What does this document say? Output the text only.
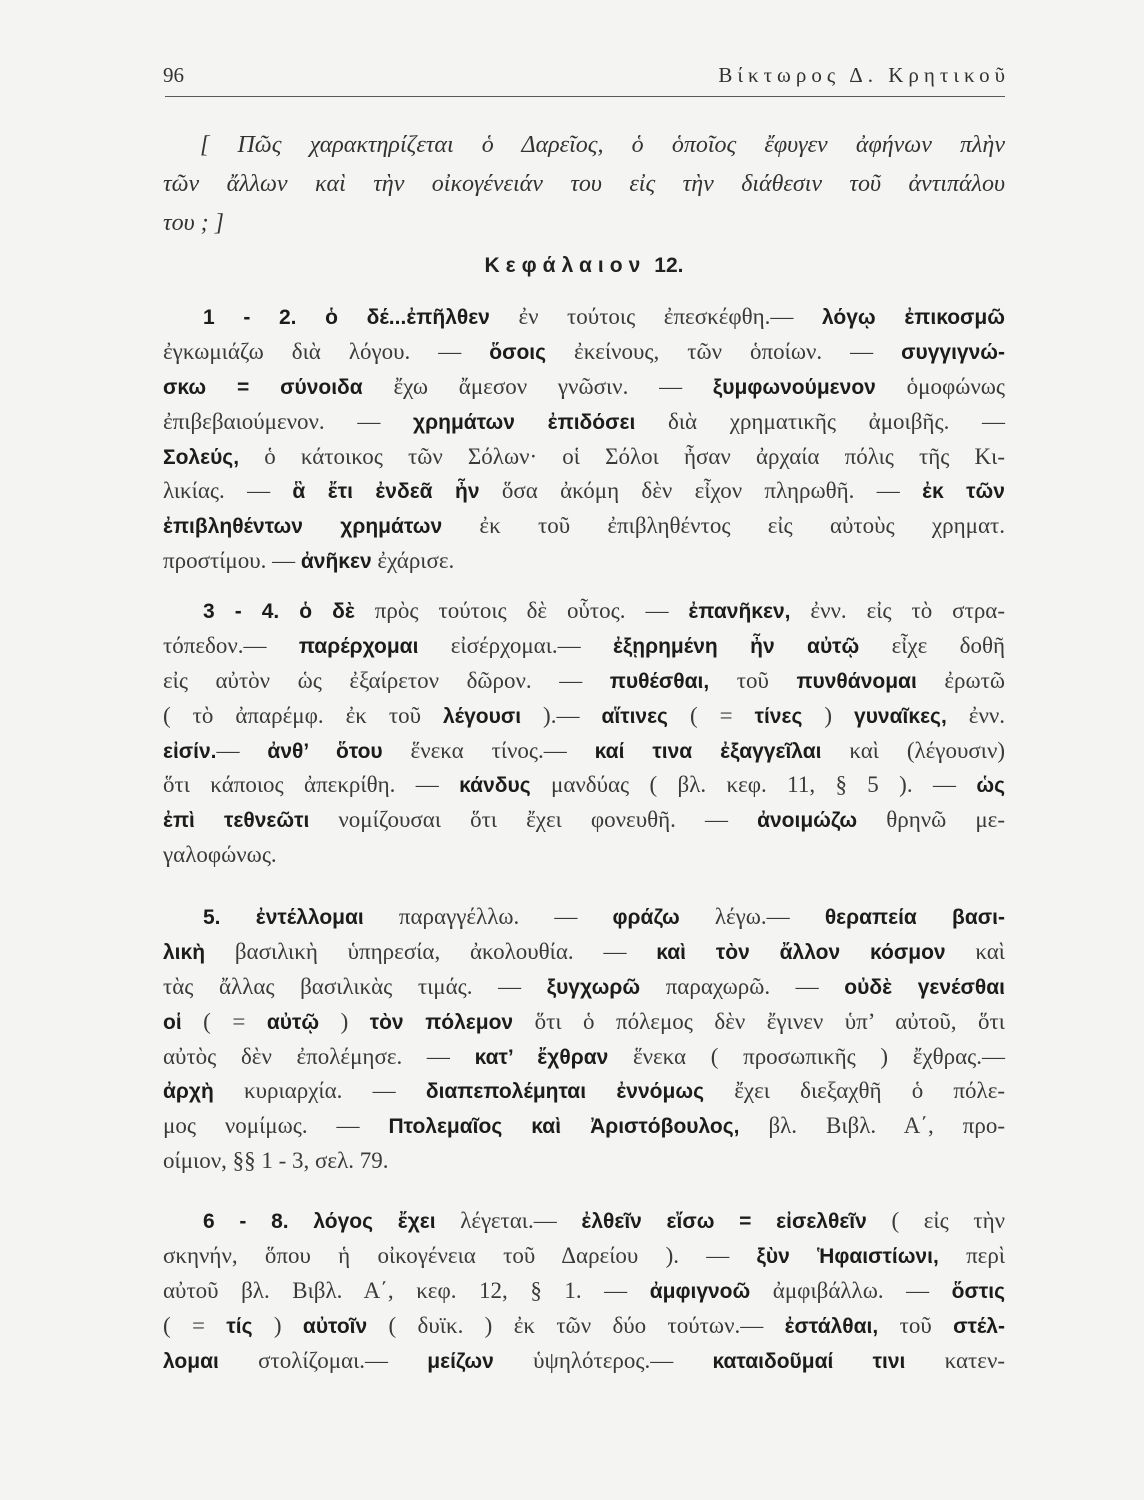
96	Βίκτωρος Δ. Κρητικοῦ
[ Πῶς χαρακτηρίζεται ὁ Δαρεῖος, ὁ ὁποῖος ἔφυγεν ἀφήνων πλὴν
τῶν ἄλλων καὶ τὴν οἰκογένειάν του εἰς τὴν διάθεσιν τοῦ ἀντιπάλου
του ; ]
Κεφάλαιον 12.
1 - 2. ὁ δέ...ἐπῆλθεν ἐν τούτοις ἐπεσκέφθη.— λόγῳ ἐπικοσμῶ
ἐγκωμιάζω διὰ λόγου. — ὅσοις ἐκείνους, τῶν ὁποίων. — συγγιγνώ-
σκω = σύνοιδα ἔχω ἄμεσον γνῶσιν. — ξυμφωνούμενον ὁμοφώνως
ἐπιβεβαιούμενον. — χρημάτων ἐπιδόσει διὰ χρηματικῆς ἀμοιβῆς. —
Σολεύς, ὁ κάτοικος τῶν Σόλων· οἱ Σόλοι ἦσαν ἀρχαία πόλις τῆς Κι-
λικίας. — ἃ ἔτι ἐνδεᾶ ἦν ὅσα ἀκόμη δὲν εἶχον πληρωθῆ. — ἐκ τῶν
ἐπιβληθέντων χρημάτων ἐκ τοῦ ἐπιβληθέντος εἰς αὐτοὺς χρηματ.
προστίμου. — ἀνῆκεν ἐχάρισε.
3 - 4. ὁ δὲ πρὸς τούτοις δὲ οὗτος. — ἐπανῆκεν, ἐνν. εἰς τὸ στρα-
τόπεδον.— παρέρχομαι εἰσέρχομαι.— ἐξῃρημένη ἦν αὐτῷ εἶχε δοθῆ
εἰς αὐτὸν ὡς ἐξαίρετον δῶρον. — πυθέσθαι, τοῦ πυνθάνομαι ἐρωτῶ
( τὸ ἀπαρέμφ. ἐκ τοῦ λέγουσι ).— αἵτινες ( = τίνες ) γυναῖκες, ἐνν.
εἰσίν.— ἀνθ’ ὅτου ἕνεκα τίνος.— καί τινα ἐξαγγεῖλαι καὶ (λέγουσιν)
ὅτι κάποιος ἀπεκρίθη. — κάνδυς μανδύας ( βλ. κεφ. 11, § 5 ). — ὡς
ἐπὶ τεθνεῶτι νομίζουσαι ὅτι ἔχει φονευθῆ. — ἀνοιμώζω θρηνῶ με-
γαλοφώνως.
5. ἐντέλλομαι παραγγέλλω. — φράζω λέγω.— θεραπεία βασι-
λικὴ βασιλικὴ ὑπηρεσία, ἀκολουθία. — καὶ τὸν ἄλλον κόσμον καὶ
τὰς ἄλλας βασιλικὰς τιμάς. — ξυγχωρῶ παραχωρῶ. — οὐδὲ γενέσθαι
οἱ ( = αὐτῷ ) τὸν πόλεμον ὅτι ὁ πόλεμος δὲν ἔγινεν ὑπ’ αὐτοῦ, ὅτι
αὐτὸς δὲν ἐπολέμησε. — κατ’ ἔχθραν ἕνεκα ( προσωπικῆς ) ἔχθρας.—
ἀρχὴ κυριαρχία. — διαπεπολέμηται ἐννόμως ἔχει διεξαχθῆ ὁ πόλε-
μος νομίμως. — Πτολεμαῖος καὶ Ἀριστόβουλος, βλ. Βιβλ. Α΄, προ-
οίμιον, §§ 1 - 3, σελ. 79.
6 - 8. λόγος ἔχει λέγεται.— ἐλθεῖν εἴσω = εἰσελθεῖν ( εἰς τὴν
σκηνήν, ὅπου ἡ οἰκογένεια τοῦ Δαρείου ). — ξὺν Ἡφαιστίωνι, περὶ
αὐτοῦ βλ. Βιβλ. Α΄, κεφ. 12, § 1. — ἀμφιγνοῶ ἀμφιβάλλω. — ὅστις
( = τίς ) αὐτοῖν ( δυϊκ. ) ἐκ τῶν δύο τούτων.— ἐστάλθαι, τοῦ στέλ-
λομαι στολίζομαι.— μείζων ὑψηλότερος.— καταιδοῦμαί τινι κατεν-
